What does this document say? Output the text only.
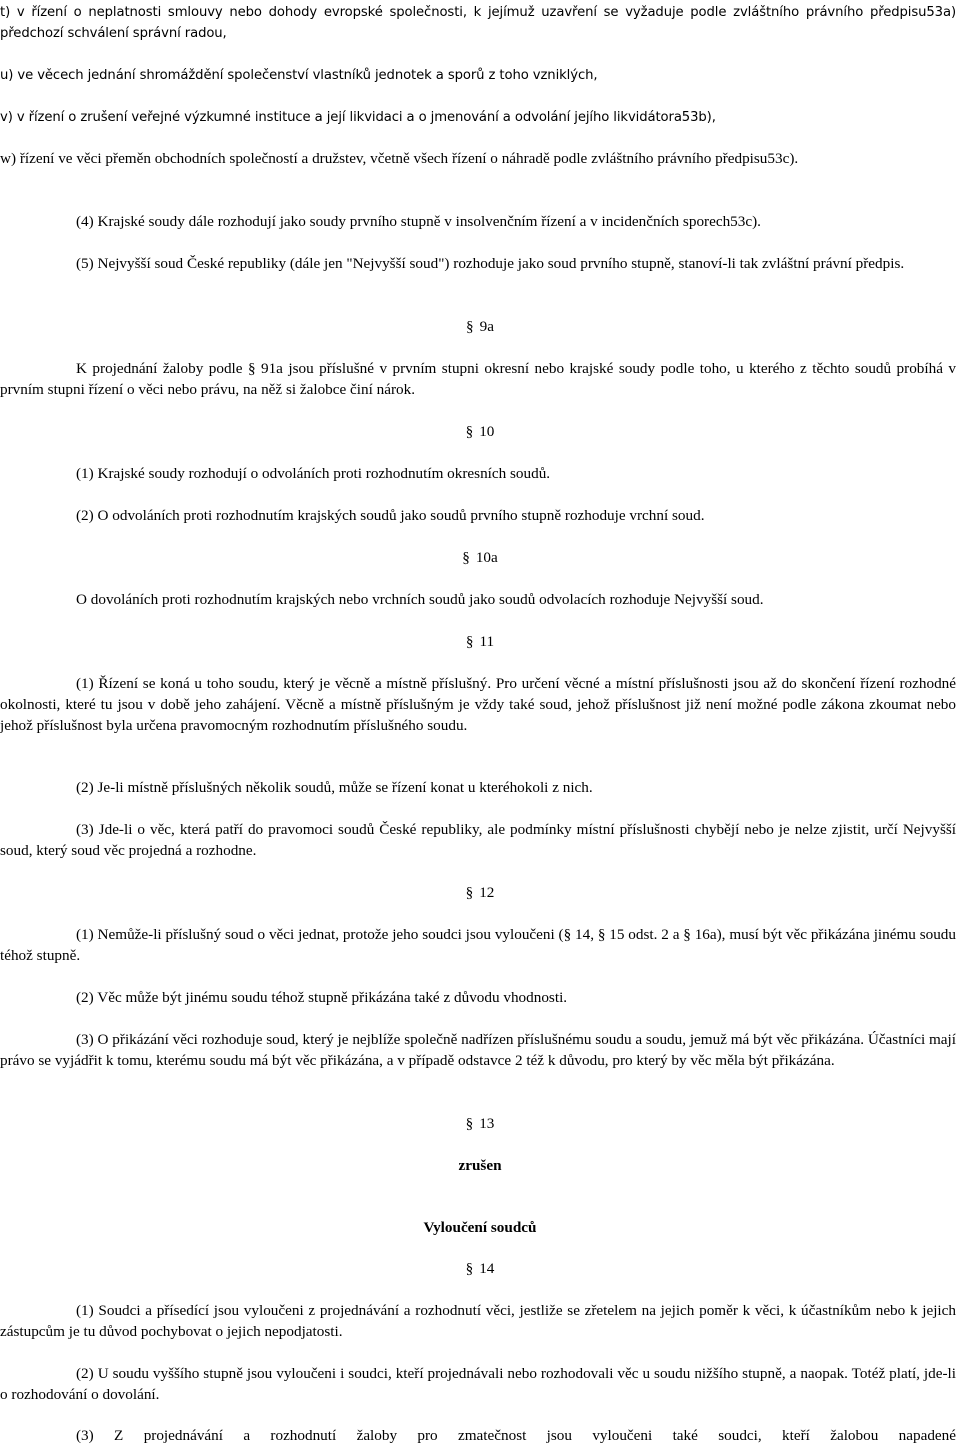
t) v řízení o neplatnosti smlouvy nebo dohody evropské společnosti, k jejímuž uzavření se vyžaduje podle zvláštního právního předpisu53a) předchozí schválení správní radou,

u) ve věcech jednání shromáždění společenství vlastníků jednotek a sporů z toho vzniklých,

v) v řízení o zrušení veřejné výzkumné instituce a její likvidaci a o jmenování a odvolání jejího likvidátora53b),

w) řízení ve věci přeměn obchodních společností a družstev, včetně všech řízení o náhradě podle zvláštního právního předpisu53c).

(4) Krajské soudy dále rozhodují jako soudy prvního stupně v insolvenčním řízení a v incidenčních sporech53c).

(5) Nejvyšší soud České republiky (dále jen "Nejvyšší soud") rozhoduje jako soud prvního stupně, stanoví-li tak zvláštní právní předpis.

§ 9a

K projednání žaloby podle § 91a jsou příslušné v prvním stupni okresní nebo krajské soudy podle toho, u kterého z těchto soudů probíhá v prvním stupni řízení o věci nebo právu, na něž si žalobce činí nárok.

§ 10

(1) Krajské soudy rozhodují o odvoláních proti rozhodnutím okresních soudů.

(2) O odvoláních proti rozhodnutím krajských soudů jako soudů prvního stupně rozhoduje vrchní soud.

§ 10a

O dovoláních proti rozhodnutím krajských nebo vrchních soudů jako soudů odvolacích rozhoduje Nejvyšší soud.

§ 11

(1) Řízení se koná u toho soudu, který je věcně a místně příslušný. Pro určení věcné a místní příslušnosti jsou až do skončení řízení rozhodné okolnosti, které tu jsou v době jeho zahájení. Věcně a místně příslušným je vždy také soud, jehož příslušnost již není možné podle zákona zkoumat nebo jehož příslušnost byla určena pravomocným rozhodnutím příslušného soudu.

(2) Je-li místně příslušných několik soudů, může se řízení konat u kteréhokoli z nich.

(3) Jde-li o věc, která patří do pravomoci soudů České republiky, ale podmínky místní příslušnosti chybějí nebo je nelze zjistit, určí Nejvyšší soud, který soud věc projedná a rozhodne.

§ 12

(1) Nemůže-li příslušný soud o věci jednat, protože jeho soudci jsou vyloučeni (§ 14, § 15 odst. 2 a § 16a), musí být věc přikázána jinému soudu téhož stupně.

(2) Věc může být jinému soudu téhož stupně přikázána také z důvodu vhodnosti.

(3) O přikázání věci rozhoduje soud, který je nejblíže společně nadřízen příslušnému soudu a soudu, jemuž má být věc přikázána. Účastníci mají právo se vyjádřit k tomu, kterému soudu má být věc přikázána, a v případě odstavce 2 též k důvodu, pro který by věc měla být přikázána.

§ 13

zrušen

Vyloučení soudců

§ 14

(1) Soudci a přísedící jsou vyloučeni z projednávání a rozhodnutí věci, jestliže se zřetelem na jejich poměr k věci, k účastníkům nebo k jejich zástupcům je tu důvod pochybovat o jejich nepodjatosti.

(2) U soudu vyššího stupně jsou vyloučeni i soudci, kteří projednávali nebo rozhodovali věc u soudu nižšího stupně, a naopak. Totéž platí, jde-li o rozhodování o dovolání.

(3) Z projednávání a rozhodnutí žaloby pro zmatečnost jsou vyloučeni také soudci, kteří žalobou napadené
